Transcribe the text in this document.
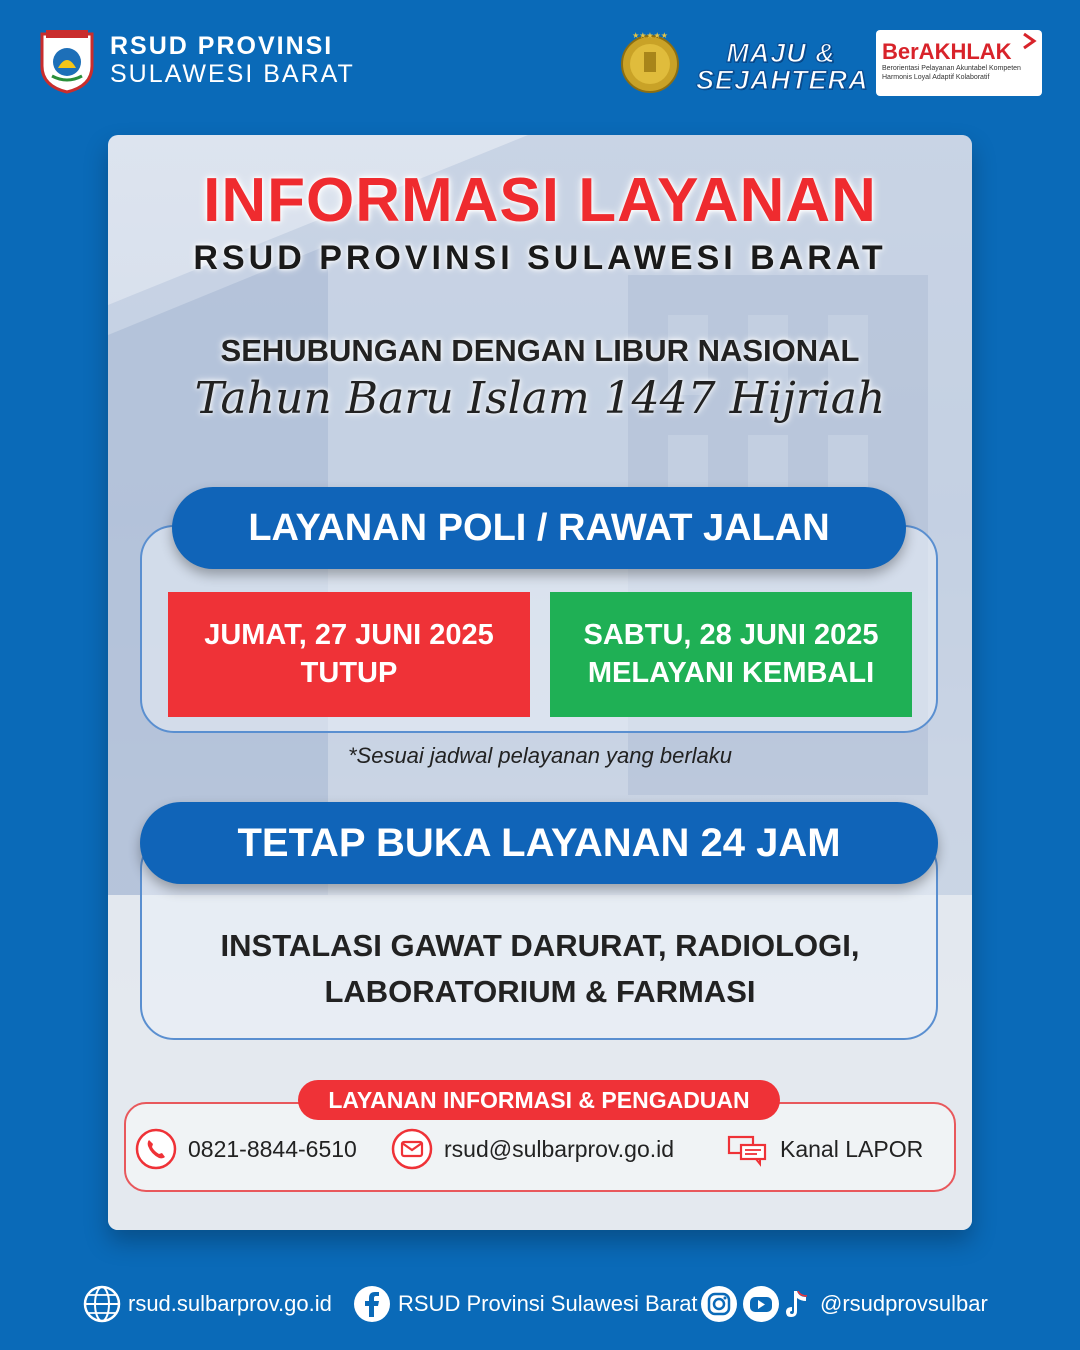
RSUD PROVINSI
SULAWESI BARAT
★★★★★
MAJU &
SEJAHTERA
BerAKHLAK
Berorientasi Pelayanan Akuntabel Kompeten
Harmonis Loyal Adaptif Kolaboratif
INFORMASI LAYANAN
RSUD PROVINSI SULAWESI BARAT
SEHUBUNGAN DENGAN LIBUR NASIONAL
Tahun Baru Islam 1447 Hijriah
LAYANAN POLI / RAWAT JALAN
JUMAT, 27 JUNI 2025
TUTUP
SABTU, 28 JUNI 2025
MELAYANI KEMBALI
*Sesuai jadwal pelayanan yang berlaku
TETAP BUKA LAYANAN 24 JAM
INSTALASI GAWAT DARURAT, RADIOLOGI,
LABORATORIUM & FARMASI
LAYANAN INFORMASI & PENGADUAN
0821-8844-6510	rsud@sulbarprov.go.id	Kanal LAPOR
rsud.sulbarprov.go.id	RSUD Provinsi Sulawesi Barat	@rsudprovsulbar
